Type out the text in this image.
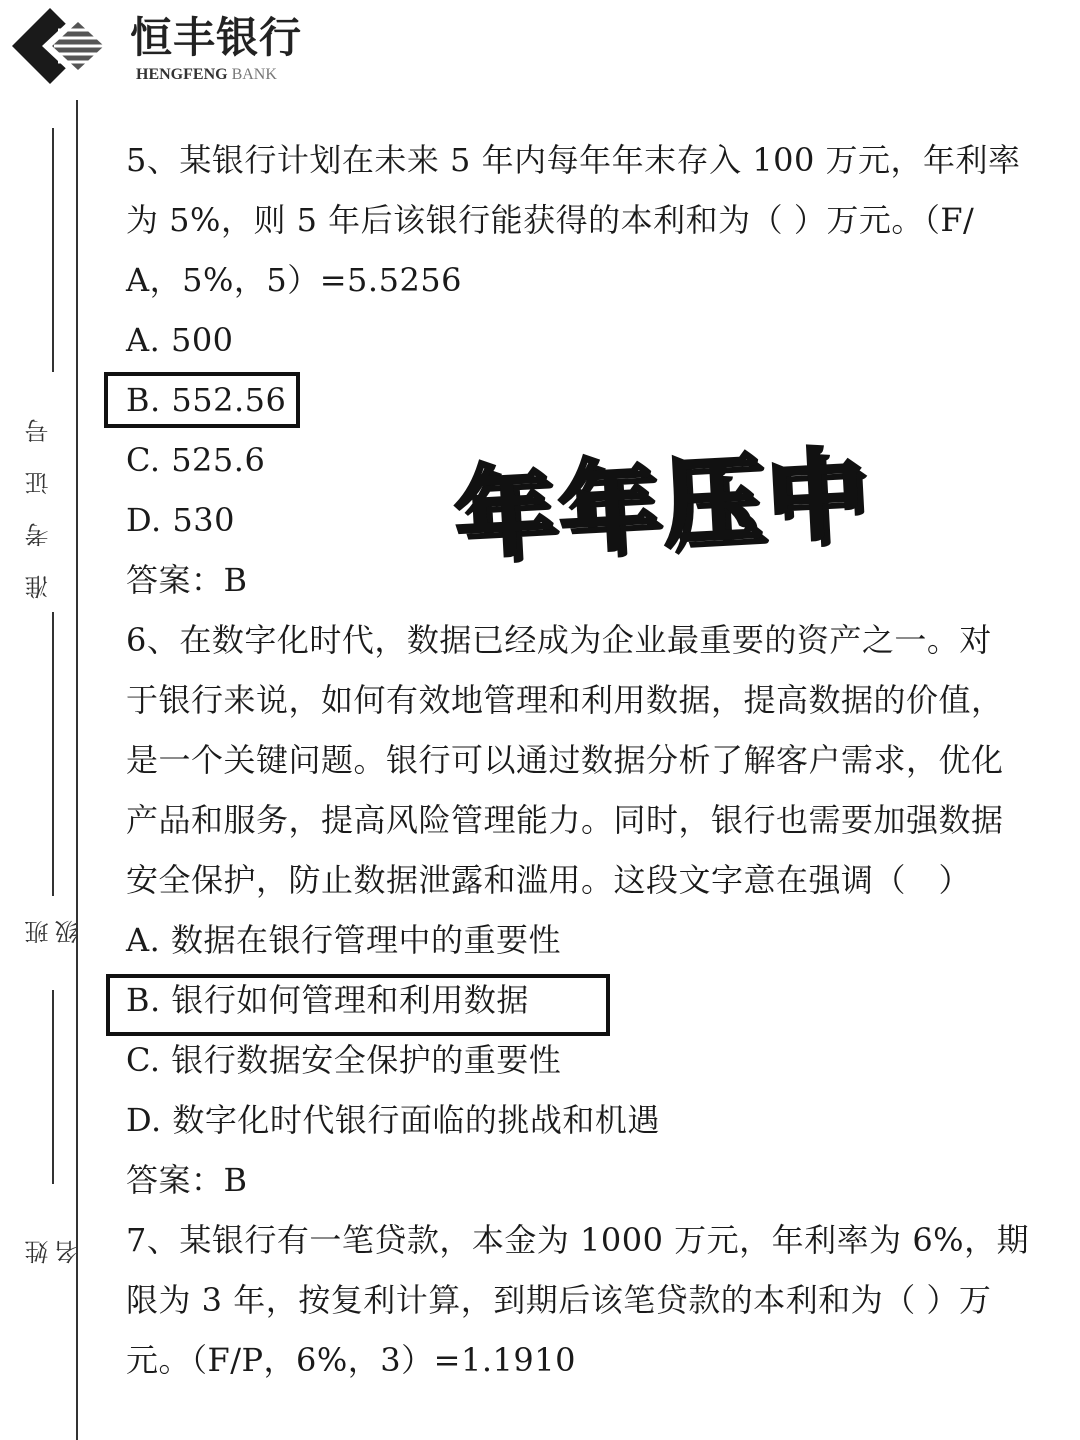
恒丰银行
HENGFENG BANK
准考证号
班 级
姓 名
5、某银行计划在未来 5 年内每年年末存入 100 万元，年利率
为 5%，则 5 年后该银行能获得的本利和为（ ）万元。（F/
A，5%，5）=5.5256
A. 500
B. 552.56
C. 525.6
D. 530
答案：B
6、在数字化时代，数据已经成为企业最重要的资产之一。对
于银行来说，如何有效地管理和利用数据，提高数据的价值，
是一个关键问题。银行可以通过数据分析了解客户需求，优化
产品和服务，提高风险管理能力。同时，银行也需要加强数据
安全保护，防止数据泄露和滥用。这段文字意在强调（　）
A. 数据在银行管理中的重要性
B. 银行如何管理和利用数据
C. 银行数据安全保护的重要性
D. 数字化时代银行面临的挑战和机遇
答案：B
7、某银行有一笔贷款，本金为 1000 万元，年利率为 6%，期
限为 3 年，按复利计算，到期后该笔贷款的本利和为（ ）万
元。（F/P，6%，3）=1.1910
年年压中
